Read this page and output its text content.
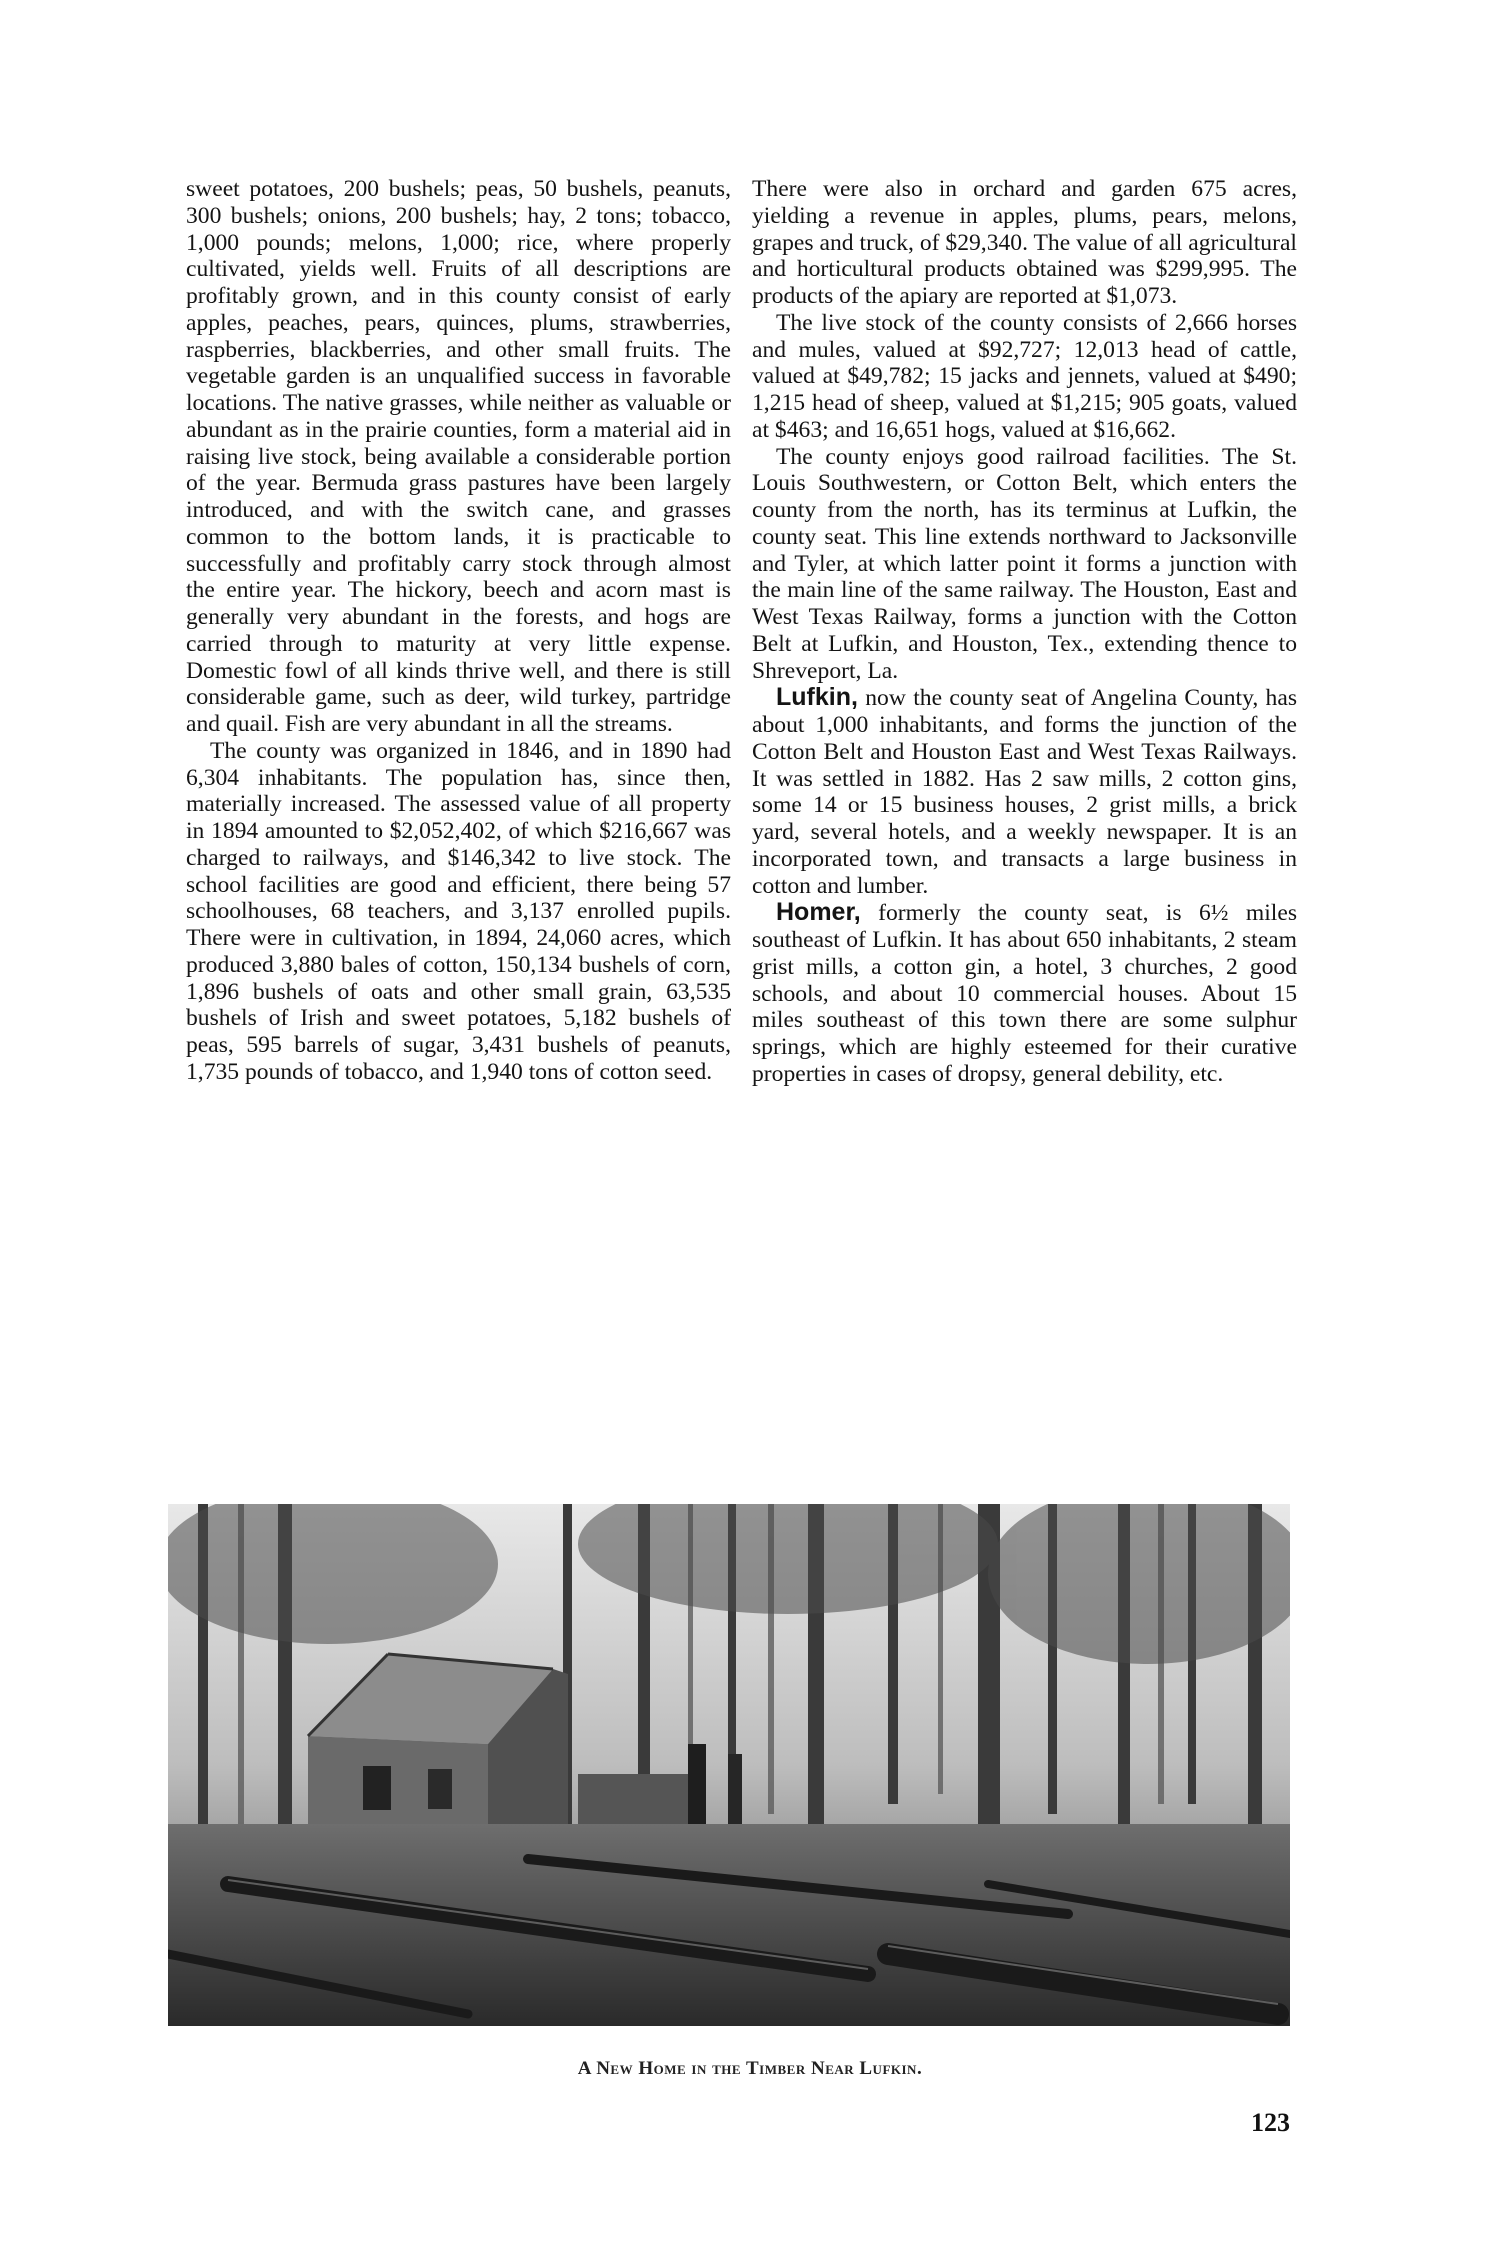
sweet potatoes, 200 bushels; peas, 50 bushels, peanuts, 300 bushels; onions, 200 bushels; hay, 2 tons; tobacco, 1,000 pounds; melons, 1,000; rice, where properly cultivated, yields well. Fruits of all descriptions are profitably grown, and in this county consist of early apples, peaches, pears, quinces, plums, strawberries, raspberries, blackberries, and other small fruits. The vegetable garden is an unqualified success in favorable locations. The native grasses, while neither as valuable or abundant as in the prairie counties, form a material aid in raising live stock, being available a considerable portion of the year. Bermuda grass pastures have been largely introduced, and with the switch cane, and grasses common to the bottom lands, it is practicable to successfully and profitably carry stock through almost the entire year. The hickory, beech and acorn mast is generally very abundant in the forests, and hogs are carried through to maturity at very little expense. Domestic fowl of all kinds thrive well, and there is still considerable game, such as deer, wild turkey, partridge and quail. Fish are very abundant in all the streams.

The county was organized in 1846, and in 1890 had 6,304 inhabitants. The population has, since then, materially increased. The assessed value of all property in 1894 amounted to $2,052,402, of which $216,667 was charged to railways, and $146,342 to live stock. The school facilities are good and efficient, there being 57 schoolhouses, 68 teachers, and 3,137 enrolled pupils. There were in cultivation, in 1894, 24,060 acres, which produced 3,880 bales of cotton, 150,134 bushels of corn, 1,896 bushels of oats and other small grain, 63,535 bushels of Irish and sweet potatoes, 5,182 bushels of peas, 595 barrels of sugar, 3,431 bushels of peanuts, 1,735 pounds of tobacco, and 1,940 tons of cotton seed.

There were also in orchard and garden 675 acres, yielding a revenue in apples, plums, pears, melons, grapes and truck, of $29,340. The value of all agricultural and horticultural products obtained was $299,995. The products of the apiary are reported at $1,073.

The live stock of the county consists of 2,666 horses and mules, valued at $92,727; 12,013 head of cattle, valued at $49,782; 15 jacks and jennets, valued at $490; 1,215 head of sheep, valued at $1,215; 905 goats, valued at $463; and 16,651 hogs, valued at $16,662.

The county enjoys good railroad facilities. The St. Louis Southwestern, or Cotton Belt, which enters the county from the north, has its terminus at Lufkin, the county seat. This line extends northward to Jacksonville and Tyler, at which latter point it forms a junction with the main line of the same railway. The Houston, East and West Texas Railway, forms a junction with the Cotton Belt at Lufkin, and Houston, Tex., extending thence to Shreveport, La.

Lufkin, now the county seat of Angelina County, has about 1,000 inhabitants, and forms the junction of the Cotton Belt and Houston East and West Texas Railways. It was settled in 1882. Has 2 saw mills, 2 cotton gins, some 14 or 15 business houses, 2 grist mills, a brick yard, several hotels, and a weekly newspaper. It is an incorporated town, and transacts a large business in cotton and lumber.

Homer, formerly the county seat, is 6½ miles southeast of Lufkin. It has about 650 inhabitants, 2 steam grist mills, a cotton gin, a hotel, 3 churches, 2 good schools, and about 10 commercial houses. About 15 miles southeast of this town there are some sulphur springs, which are highly esteemed for their curative properties in cases of dropsy, general debility, etc.

A New Home in the Timber Near Lufkin.
123
